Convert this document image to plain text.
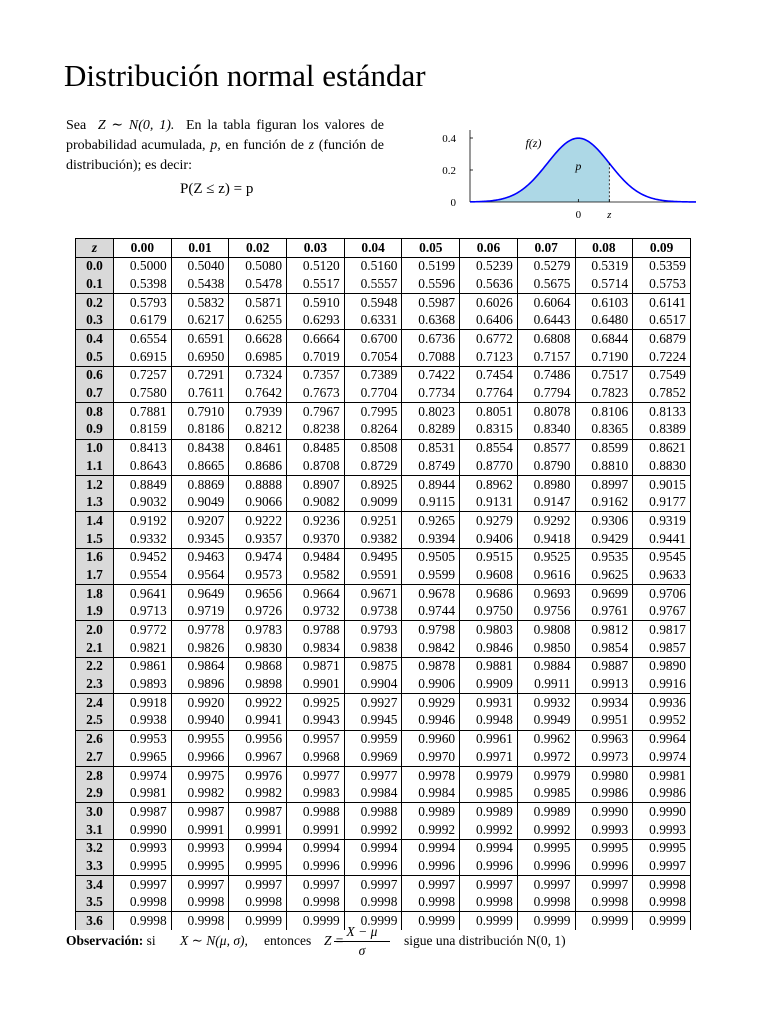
Distribución normal estándar
Sea Z ∼ N(0, 1). En la tabla figuran los valores de probabilidad acumulada, p, en función de z (función de distribución); es decir:
P(Z ≤ z) = p
0
0.2
0.4
0 z
f(z)
p
z	0.00	0.01	0.02	0.03	0.04	0.05	0.06	0.07	0.08	0.09
0.0	0.5000	0.5040	0.5080	0.5120	0.5160	0.5199	0.5239	0.5279	0.5319	0.5359
0.1	0.5398	0.5438	0.5478	0.5517	0.5557	0.5596	0.5636	0.5675	0.5714	0.5753
0.2	0.5793	0.5832	0.5871	0.5910	0.5948	0.5987	0.6026	0.6064	0.6103	0.6141
0.3	0.6179	0.6217	0.6255	0.6293	0.6331	0.6368	0.6406	0.6443	0.6480	0.6517
0.4	0.6554	0.6591	0.6628	0.6664	0.6700	0.6736	0.6772	0.6808	0.6844	0.6879
0.5	0.6915	0.6950	0.6985	0.7019	0.7054	0.7088	0.7123	0.7157	0.7190	0.7224
0.6	0.7257	0.7291	0.7324	0.7357	0.7389	0.7422	0.7454	0.7486	0.7517	0.7549
0.7	0.7580	0.7611	0.7642	0.7673	0.7704	0.7734	0.7764	0.7794	0.7823	0.7852
0.8	0.7881	0.7910	0.7939	0.7967	0.7995	0.8023	0.8051	0.8078	0.8106	0.8133
0.9	0.8159	0.8186	0.8212	0.8238	0.8264	0.8289	0.8315	0.8340	0.8365	0.8389
1.0	0.8413	0.8438	0.8461	0.8485	0.8508	0.8531	0.8554	0.8577	0.8599	0.8621
1.1	0.8643	0.8665	0.8686	0.8708	0.8729	0.8749	0.8770	0.8790	0.8810	0.8830
1.2	0.8849	0.8869	0.8888	0.8907	0.8925	0.8944	0.8962	0.8980	0.8997	0.9015
1.3	0.9032	0.9049	0.9066	0.9082	0.9099	0.9115	0.9131	0.9147	0.9162	0.9177
1.4	0.9192	0.9207	0.9222	0.9236	0.9251	0.9265	0.9279	0.9292	0.9306	0.9319
1.5	0.9332	0.9345	0.9357	0.9370	0.9382	0.9394	0.9406	0.9418	0.9429	0.9441
1.6	0.9452	0.9463	0.9474	0.9484	0.9495	0.9505	0.9515	0.9525	0.9535	0.9545
1.7	0.9554	0.9564	0.9573	0.9582	0.9591	0.9599	0.9608	0.9616	0.9625	0.9633
1.8	0.9641	0.9649	0.9656	0.9664	0.9671	0.9678	0.9686	0.9693	0.9699	0.9706
1.9	0.9713	0.9719	0.9726	0.9732	0.9738	0.9744	0.9750	0.9756	0.9761	0.9767
2.0	0.9772	0.9778	0.9783	0.9788	0.9793	0.9798	0.9803	0.9808	0.9812	0.9817
2.1	0.9821	0.9826	0.9830	0.9834	0.9838	0.9842	0.9846	0.9850	0.9854	0.9857
2.2	0.9861	0.9864	0.9868	0.9871	0.9875	0.9878	0.9881	0.9884	0.9887	0.9890
2.3	0.9893	0.9896	0.9898	0.9901	0.9904	0.9906	0.9909	0.9911	0.9913	0.9916
2.4	0.9918	0.9920	0.9922	0.9925	0.9927	0.9929	0.9931	0.9932	0.9934	0.9936
2.5	0.9938	0.9940	0.9941	0.9943	0.9945	0.9946	0.9948	0.9949	0.9951	0.9952
2.6	0.9953	0.9955	0.9956	0.9957	0.9959	0.9960	0.9961	0.9962	0.9963	0.9964
2.7	0.9965	0.9966	0.9967	0.9968	0.9969	0.9970	0.9971	0.9972	0.9973	0.9974
2.8	0.9974	0.9975	0.9976	0.9977	0.9977	0.9978	0.9979	0.9979	0.9980	0.9981
2.9	0.9981	0.9982	0.9982	0.9983	0.9984	0.9984	0.9985	0.9985	0.9986	0.9986
3.0	0.9987	0.9987	0.9987	0.9988	0.9988	0.9989	0.9989	0.9989	0.9990	0.9990
3.1	0.9990	0.9991	0.9991	0.9991	0.9992	0.9992	0.9992	0.9992	0.9993	0.9993
3.2	0.9993	0.9993	0.9994	0.9994	0.9994	0.9994	0.9994	0.9995	0.9995	0.9995
3.3	0.9995	0.9995	0.9995	0.9996	0.9996	0.9996	0.9996	0.9996	0.9996	0.9997
3.4	0.9997	0.9997	0.9997	0.9997	0.9997	0.9997	0.9997	0.9997	0.9997	0.9998
3.5	0.9998	0.9998	0.9998	0.9998	0.9998	0.9998	0.9998	0.9998	0.9998	0.9998
3.6	0.9998	0.9998	0.9999	0.9999	0.9999	0.9999	0.9999	0.9999	0.9999	0.9999
Observación: si X ∼ N(μ, σ), entonces Z =
$\frac{X - \mu}{\sigma}$ sigue una distribución N(0, 1)
